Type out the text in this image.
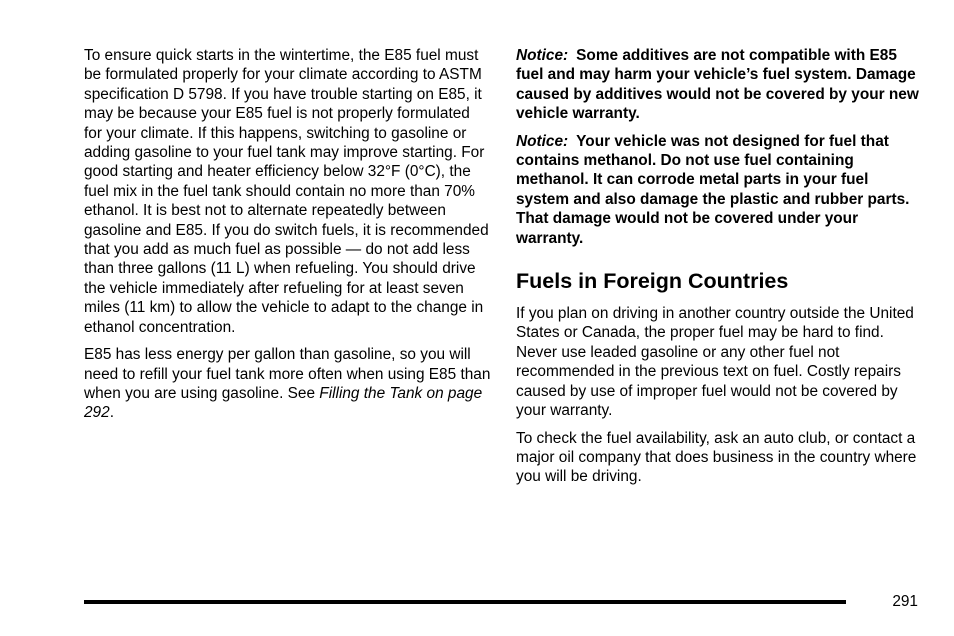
To ensure quick starts in the wintertime, the E85 fuel must be formulated properly for your climate according to ASTM specification D 5798. If you have trouble starting on E85, it may be because your E85 fuel is not properly formulated for your climate. If this happens, switching to gasoline or adding gasoline to your fuel tank may improve starting. For good starting and heater efficiency below 32°F (0°C), the fuel mix in the fuel tank should contain no more than 70% ethanol. It is best not to alternate repeatedly between gasoline and E85. If you do switch fuels, it is recommended that you add as much fuel as possible — do not add less than three gallons (11 L) when refueling. You should drive the vehicle immediately after refueling for at least seven miles (11 km) to allow the vehicle to adapt to the change in ethanol concentration.

E85 has less energy per gallon than gasoline, so you will need to refill your fuel tank more often when using E85 than when you are using gasoline. See Filling the Tank on page 292.

Notice: Some additives are not compatible with E85 fuel and may harm your vehicle’s fuel system. Damage caused by additives would not be covered by your new vehicle warranty.

Notice: Your vehicle was not designed for fuel that contains methanol. Do not use fuel containing methanol. It can corrode metal parts in your fuel system and also damage the plastic and rubber parts. That damage would not be covered under your warranty.

Fuels in Foreign Countries

If you plan on driving in another country outside the United States or Canada, the proper fuel may be hard to find. Never use leaded gasoline or any other fuel not recommended in the previous text on fuel. Costly repairs caused by use of improper fuel would not be covered by your warranty.

To check the fuel availability, ask an auto club, or contact a major oil company that does business in the country where you will be driving.

291
